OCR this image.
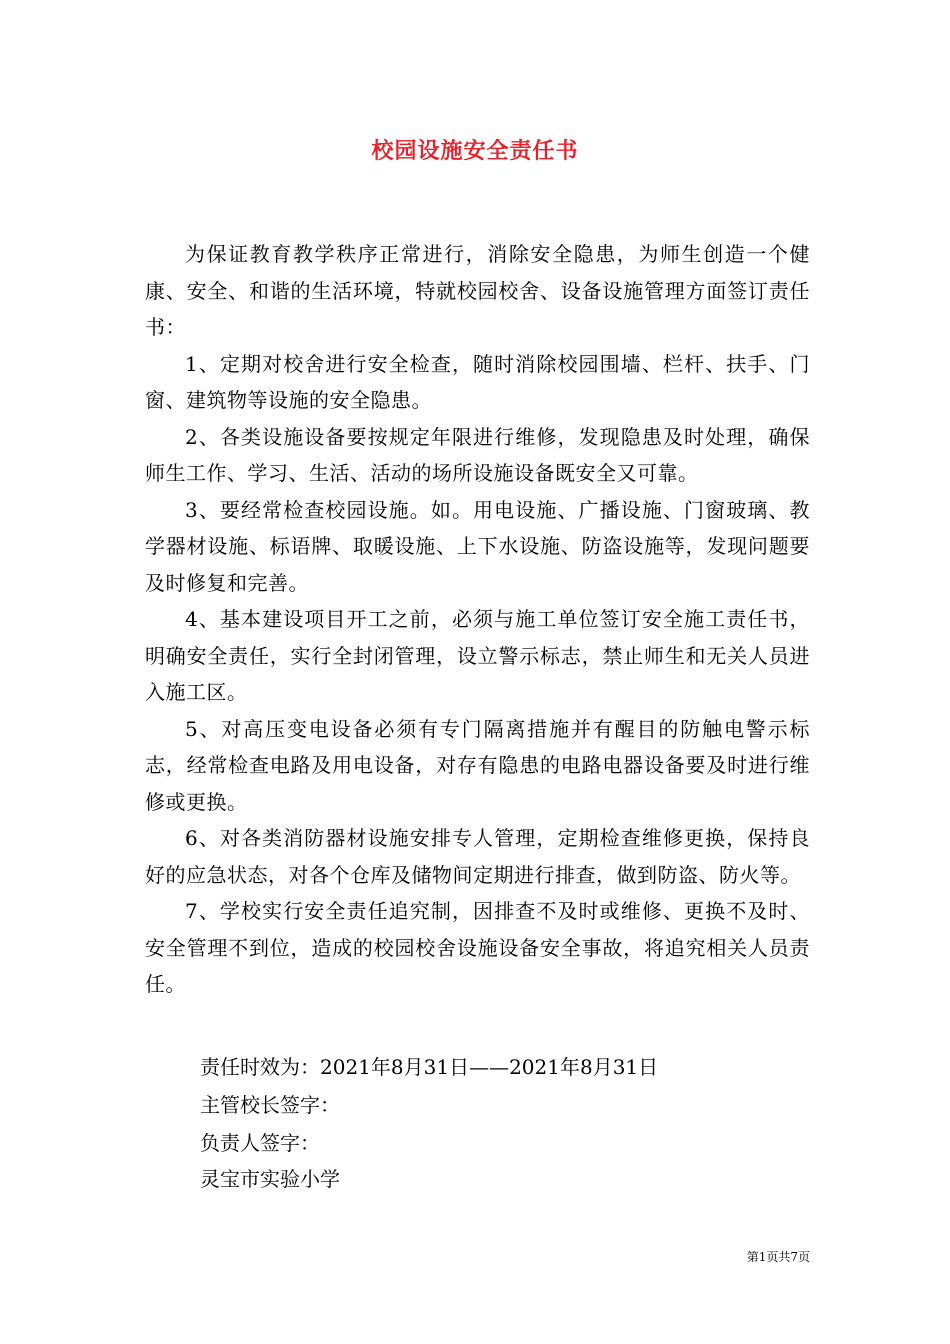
校园设施安全责任书

为保证教育教学秩序正常进行，消除安全隐患，为师生创造一个健康、安全、和谐的生活环境，特就校园校舍、设备设施管理方面签订责任书：

1、定期对校舍进行安全检查，随时消除校园围墙、栏杆、扶手、门窗、建筑物等设施的安全隐患。

2、各类设施设备要按规定年限进行维修，发现隐患及时处理，确保师生工作、学习、生活、活动的场所设施设备既安全又可靠。

3、要经常检查校园设施。如。用电设施、广播设施、门窗玻璃、教学器材设施、标语牌、取暖设施、上下水设施、防盗设施等，发现问题要及时修复和完善。

4、基本建设项目开工之前，必须与施工单位签订安全施工责任书，明确安全责任，实行全封闭管理，设立警示标志，禁止师生和无关人员进入施工区。

5、对高压变电设备必须有专门隔离措施并有醒目的防触电警示标志，经常检查电路及用电设备，对存有隐患的电路电器设备要及时进行维修或更换。

6、对各类消防器材设施安排专人管理，定期检查维修更换，保持良好的应急状态，对各个仓库及储物间定期进行排查，做到防盗、防火等。

7、学校实行安全责任追究制，因排查不及时或维修、更换不及时、安全管理不到位，造成的校园校舍设施设备安全事故，将追究相关人员责任。

责任时效为：2021年8月31日——2021年8月31日
主管校长签字：
负责人签字：
灵宝市实验小学
第1页共7页
